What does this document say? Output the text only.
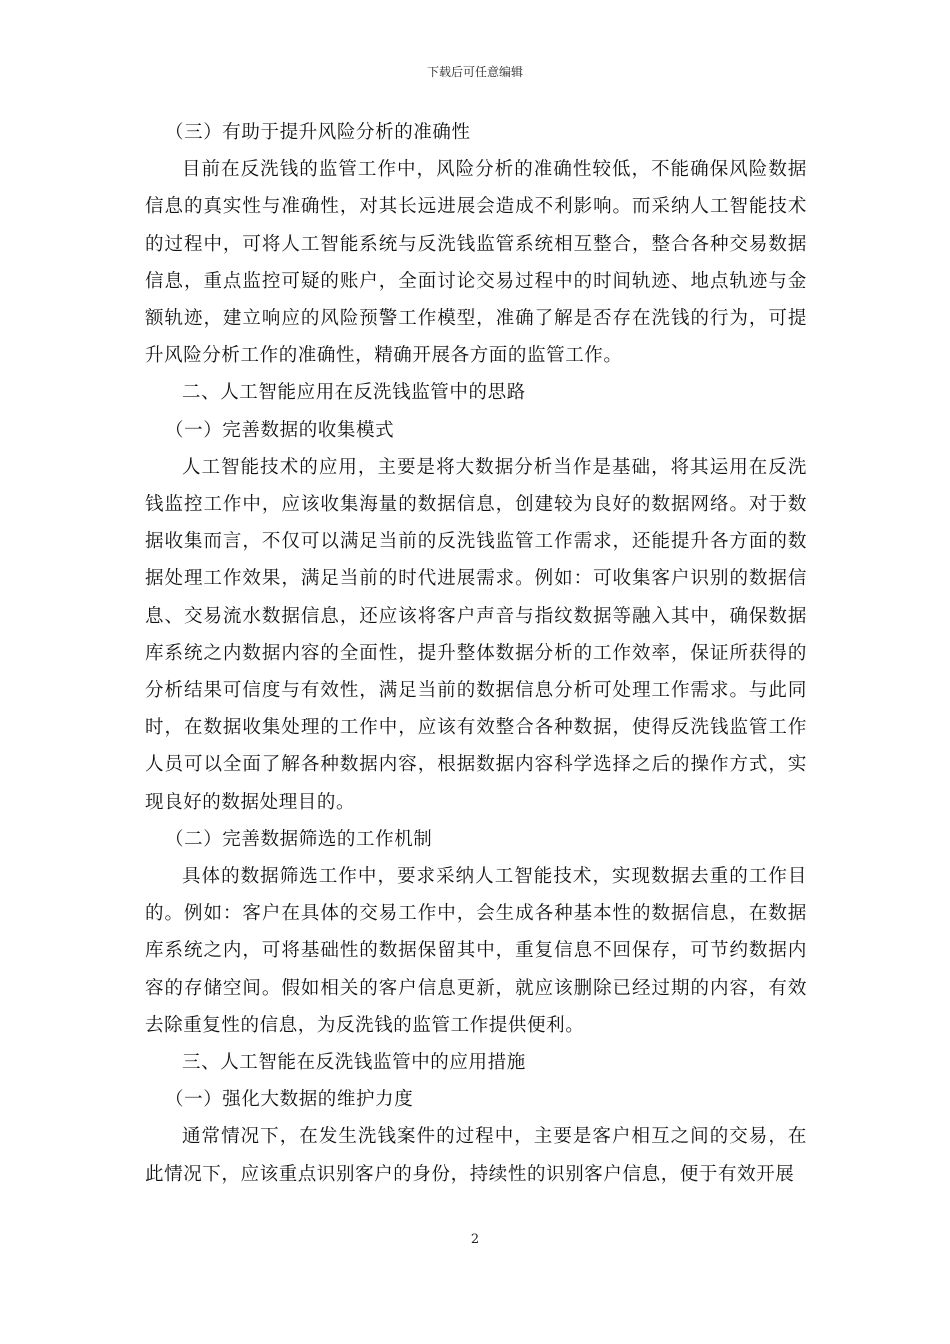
下载后可任意编辑

（三）有助于提升风险分析的准确性

目前在反洗钱的监管工作中，风险分析的准确性较低，不能确保风险数据信息的真实性与准确性，对其长远进展会造成不利影响。而采纳人工智能技术的过程中，可将人工智能系统与反洗钱监管系统相互整合，整合各种交易数据信息，重点监控可疑的账户，全面讨论交易过程中的时间轨迹、地点轨迹与金额轨迹，建立响应的风险预警工作模型，准确了解是否存在洗钱的行为，可提升风险分析工作的准确性，精确开展各方面的监管工作。

二、人工智能应用在反洗钱监管中的思路

（一）完善数据的收集模式

人工智能技术的应用，主要是将大数据分析当作是基础，将其运用在反洗钱监控工作中，应该收集海量的数据信息，创建较为良好的数据网络。对于数据收集而言，不仅可以满足当前的反洗钱监管工作需求，还能提升各方面的数据处理工作效果，满足当前的时代进展需求。例如：可收集客户识别的数据信息、交易流水数据信息，还应该将客户声音与指纹数据等融入其中，确保数据库系统之内数据内容的全面性，提升整体数据分析的工作效率，保证所获得的分析结果可信度与有效性，满足当前的数据信息分析可处理工作需求。与此同时，在数据收集处理的工作中，应该有效整合各种数据，使得反洗钱监管工作人员可以全面了解各种数据内容，根据数据内容科学选择之后的操作方式，实现良好的数据处理目的。

（二）完善数据筛选的工作机制

具体的数据筛选工作中，要求采纳人工智能技术，实现数据去重的工作目的。例如：客户在具体的交易工作中，会生成各种基本性的数据信息，在数据库系统之内，可将基础性的数据保留其中，重复信息不回保存，可节约数据内容的存储空间。假如相关的客户信息更新，就应该删除已经过期的内容，有效去除重复性的信息，为反洗钱的监管工作提供便利。

三、人工智能在反洗钱监管中的应用措施

（一）强化大数据的维护力度

通常情况下，在发生洗钱案件的过程中，主要是客户相互之间的交易，在此情况下，应该重点识别客户的身份，持续性的识别客户信息，便于有效开展

2
